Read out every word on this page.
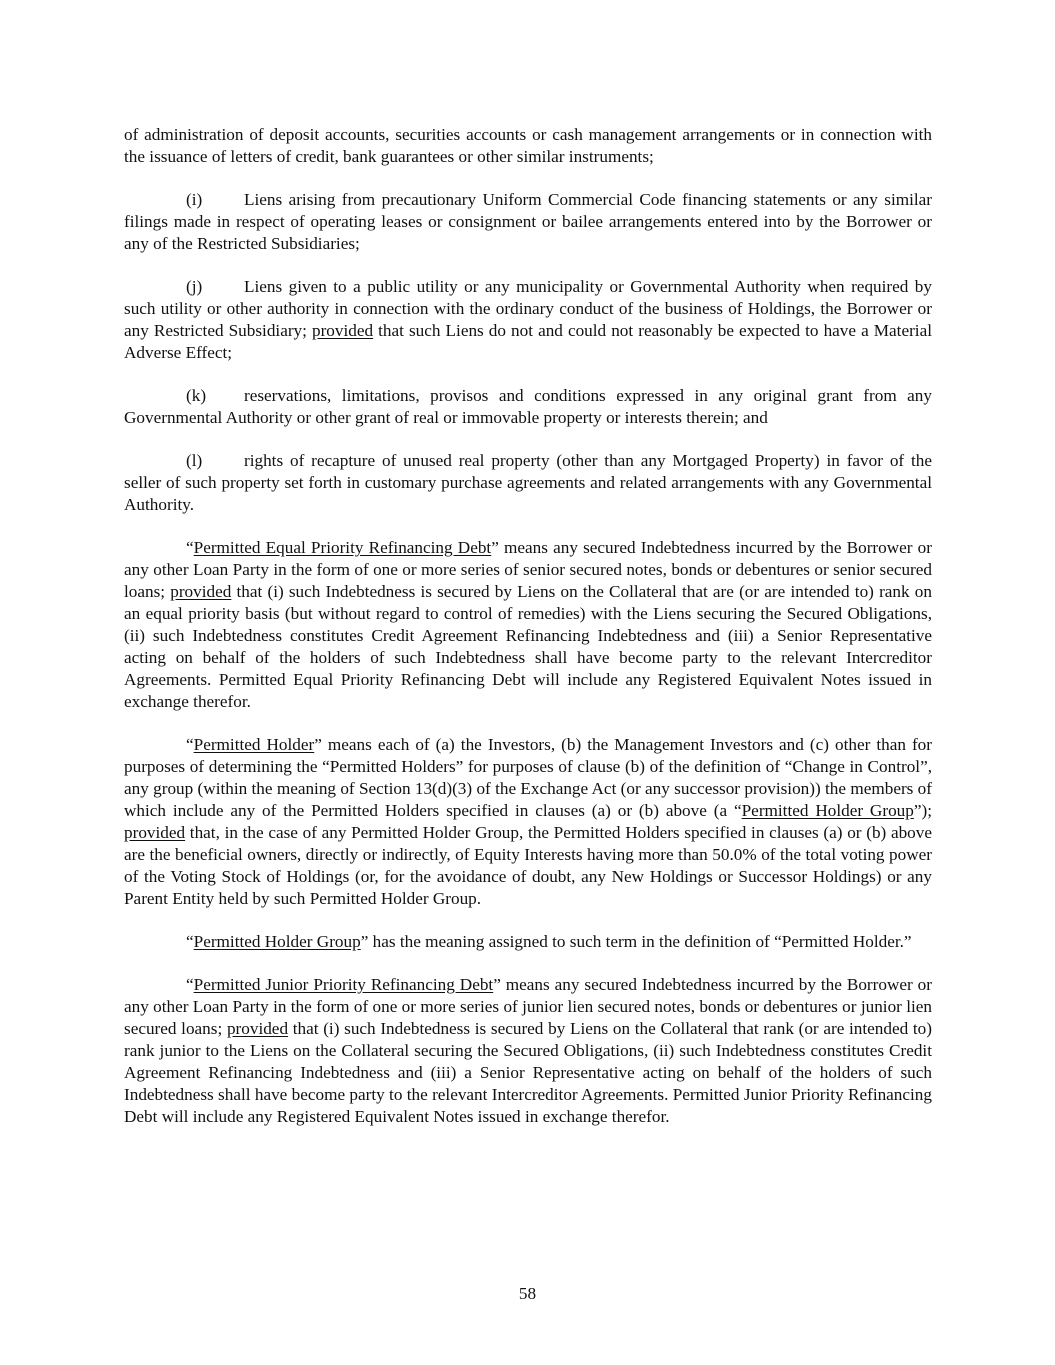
of administration of deposit accounts, securities accounts or cash management arrangements or in connection with the issuance of letters of credit, bank guarantees or other similar instruments;

(i) Liens arising from precautionary Uniform Commercial Code financing statements or any similar filings made in respect of operating leases or consignment or bailee arrangements entered into by the Borrower or any of the Restricted Subsidiaries;

(j) Liens given to a public utility or any municipality or Governmental Authority when required by such utility or other authority in connection with the ordinary conduct of the business of Holdings, the Borrower or any Restricted Subsidiary; provided that such Liens do not and could not reasonably be expected to have a Material Adverse Effect;

(k) reservations, limitations, provisos and conditions expressed in any original grant from any Governmental Authority or other grant of real or immovable property or interests therein; and

(l) rights of recapture of unused real property (other than any Mortgaged Property) in favor of the seller of such property set forth in customary purchase agreements and related arrangements with any Governmental Authority.

“Permitted Equal Priority Refinancing Debt” means any secured Indebtedness incurred by the Borrower or any other Loan Party in the form of one or more series of senior secured notes, bonds or debentures or senior secured loans; provided that (i) such Indebtedness is secured by Liens on the Collateral that are (or are intended to) rank on an equal priority basis (but without regard to control of remedies) with the Liens securing the Secured Obligations, (ii) such Indebtedness constitutes Credit Agreement Refinancing Indebtedness and (iii) a Senior Representative acting on behalf of the holders of such Indebtedness shall have become party to the relevant Intercreditor Agreements. Permitted Equal Priority Refinancing Debt will include any Registered Equivalent Notes issued in exchange therefor.

“Permitted Holder” means each of (a) the Investors, (b) the Management Investors and (c) other than for purposes of determining the “Permitted Holders” for purposes of clause (b) of the definition of “Change in Control”, any group (within the meaning of Section 13(d)(3) of the Exchange Act (or any successor provision)) the members of which include any of the Permitted Holders specified in clauses (a) or (b) above (a “Permitted Holder Group”); provided that, in the case of any Permitted Holder Group, the Permitted Holders specified in clauses (a) or (b) above are the beneficial owners, directly or indirectly, of Equity Interests having more than 50.0% of the total voting power of the Voting Stock of Holdings (or, for the avoidance of doubt, any New Holdings or Successor Holdings) or any Parent Entity held by such Permitted Holder Group.

“Permitted Holder Group” has the meaning assigned to such term in the definition of “Permitted Holder.”

“Permitted Junior Priority Refinancing Debt” means any secured Indebtedness incurred by the Borrower or any other Loan Party in the form of one or more series of junior lien secured notes, bonds or debentures or junior lien secured loans; provided that (i) such Indebtedness is secured by Liens on the Collateral that rank (or are intended to) rank junior to the Liens on the Collateral securing the Secured Obligations, (ii) such Indebtedness constitutes Credit Agreement Refinancing Indebtedness and (iii) a Senior Representative acting on behalf of the holders of such Indebtedness shall have become party to the relevant Intercreditor Agreements. Permitted Junior Priority Refinancing Debt will include any Registered Equivalent Notes issued in exchange therefor.

58
